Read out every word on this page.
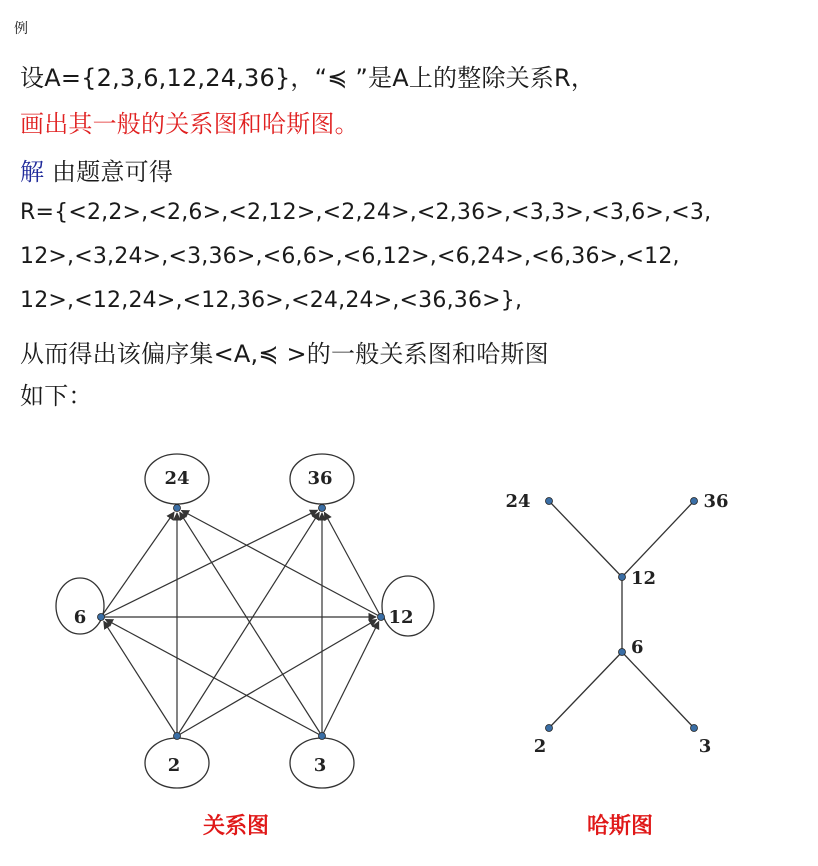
例
设A={2,3,6,12,24,36}，“≼ ”是A上的整除关系R，
画出其一般的关系图和哈斯图。
解 由题意可得
R={<2,2>,<2,6>,<2,12>,<2,24>,<2,36>,<3,3>,<3,6>,<3,
12>,<3,24>,<3,36>,<6,6>,<6,12>,<6,24>,<6,36>,<12,
12>,<12,24>,<12,36>,<24,24>,<36,36>},
从而得出该偏序集<A,≼ >的一般关系图和哈斯图
如下：
24	36
6	12
2	3
24	36
12
6
2	3
关系图	哈斯图
